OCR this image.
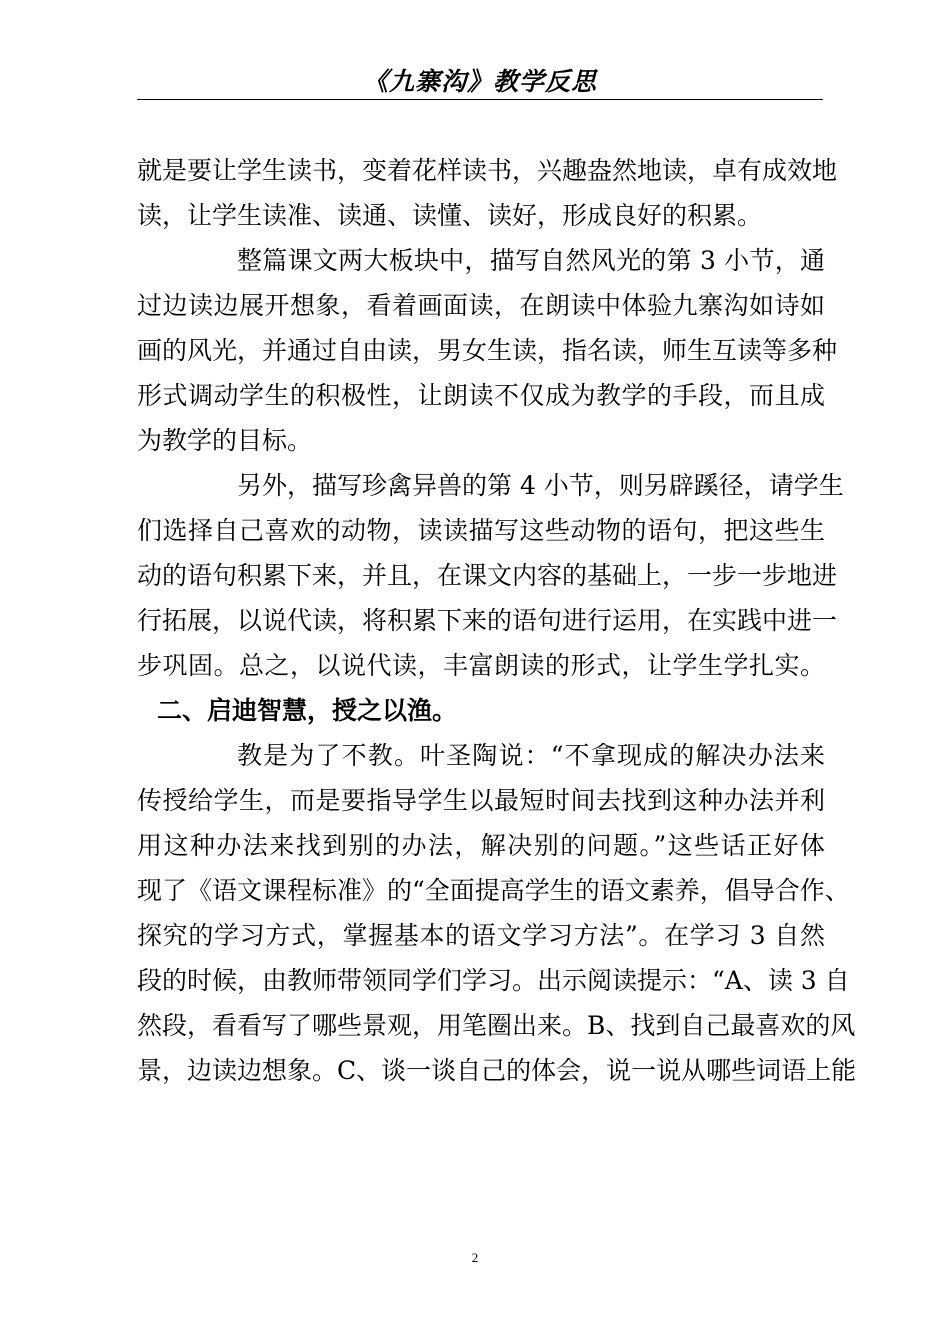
《九寨沟》教学反思
就是要让学生读书，变着花样读书，兴趣盎然地读，卓有成效地
读，让学生读准、读通、读懂、读好，形成良好的积累。
整篇课文两大板块中，描写自然风光的第 3 小节，通
过边读边展开想象，看着画面读，在朗读中体验九寨沟如诗如
画的风光，并通过自由读，男女生读，指名读，师生互读等多种
形式调动学生的积极性，让朗读不仅成为教学的手段，而且成
为教学的目标。
另外，描写珍禽异兽的第 4 小节，则另辟蹊径，请学生
们选择自己喜欢的动物，读读描写这些动物的语句，把这些生
动的语句积累下来，并且，在课文内容的基础上，一步一步地进
行拓展，以说代读，将积累下来的语句进行运用，在实践中进一
步巩固。总之，以说代读，丰富朗读的形式，让学生学扎实。
二、启迪智慧，授之以渔。
教是为了不教。叶圣陶说：“不拿现成的解决办法来
传授给学生，而是要指导学生以最短时间去找到这种办法并利
用这种办法来找到别的办法，解决别的问题。”这些话正好体
现了《语文课程标准》的“全面提高学生的语文素养，倡导合作、
探究的学习方式，掌握基本的语文学习方法”。在学习 3 自然
段的时候，由教师带领同学们学习。出示阅读提示：“A、读 3 自
然段，看看写了哪些景观，用笔圈出来。B、找到自己最喜欢的风
景，边读边想象。C、谈一谈自己的体会，说一说从哪些词语上能
2
